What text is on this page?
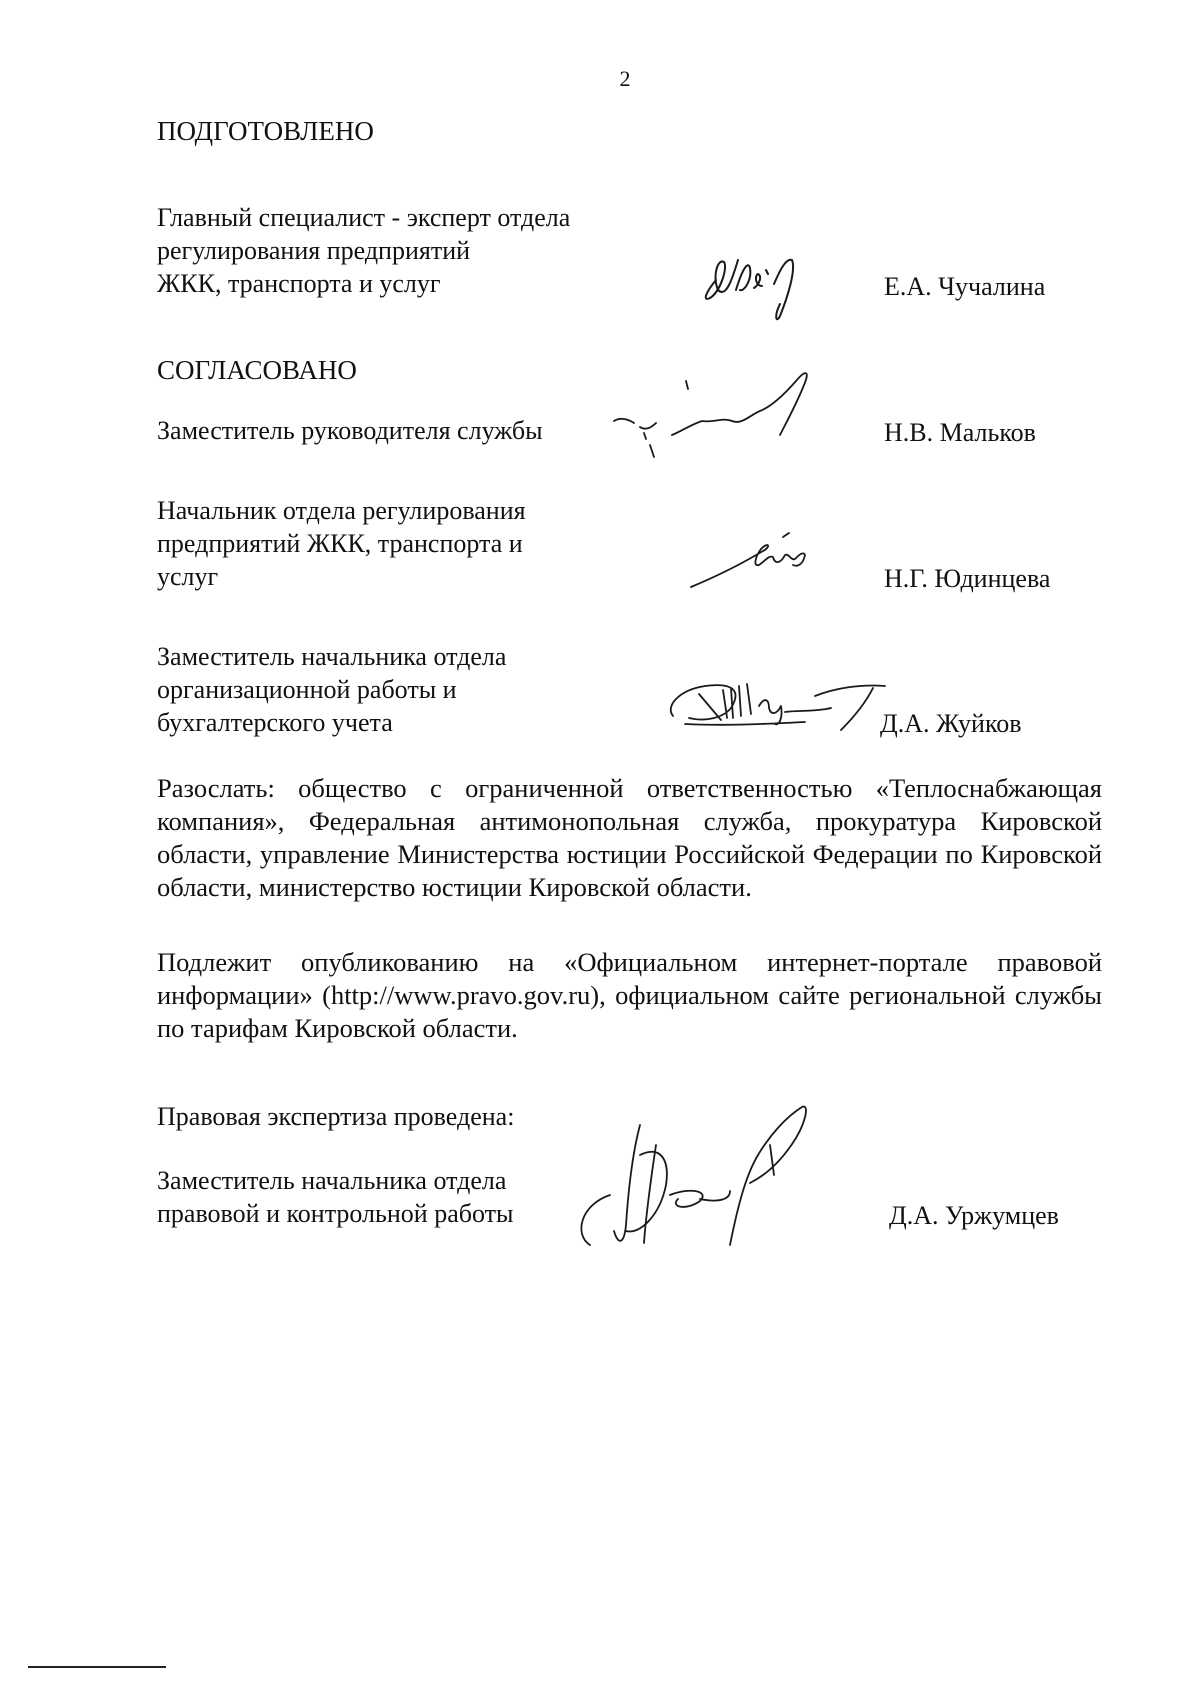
2
ПОДГОТОВЛЕНО
Главный специалист - эксперт отдела
регулирования предприятий
ЖКК, транспорта и услуг	Е.А. Чучалина
СОГЛАСОВАНО
Заместитель руководителя службы	Н.В. Мальков
Начальник отдела регулирования
предприятий ЖКК, транспорта и
услуг	Н.Г. Юдинцева
Заместитель начальника отдела
организационной работы и
бухгалтерского учета	Д.А. Жуйков
Разослать: общество с ограниченной ответственностью «Теплоснабжающая компания», Федеральная антимонопольная служба, прокуратура Кировской области, управление Министерства юстиции Российской Федерации по Кировской области, министерство юстиции Кировской области.
Подлежит опубликованию на «Официальном интернет-портале правовой информации» (http://www.pravo.gov.ru), официальном сайте региональной службы по тарифам Кировской области.
Правовая экспертиза проведена:
Заместитель начальника отдела
правовой и контрольной работы	Д.А. Уржумцев
